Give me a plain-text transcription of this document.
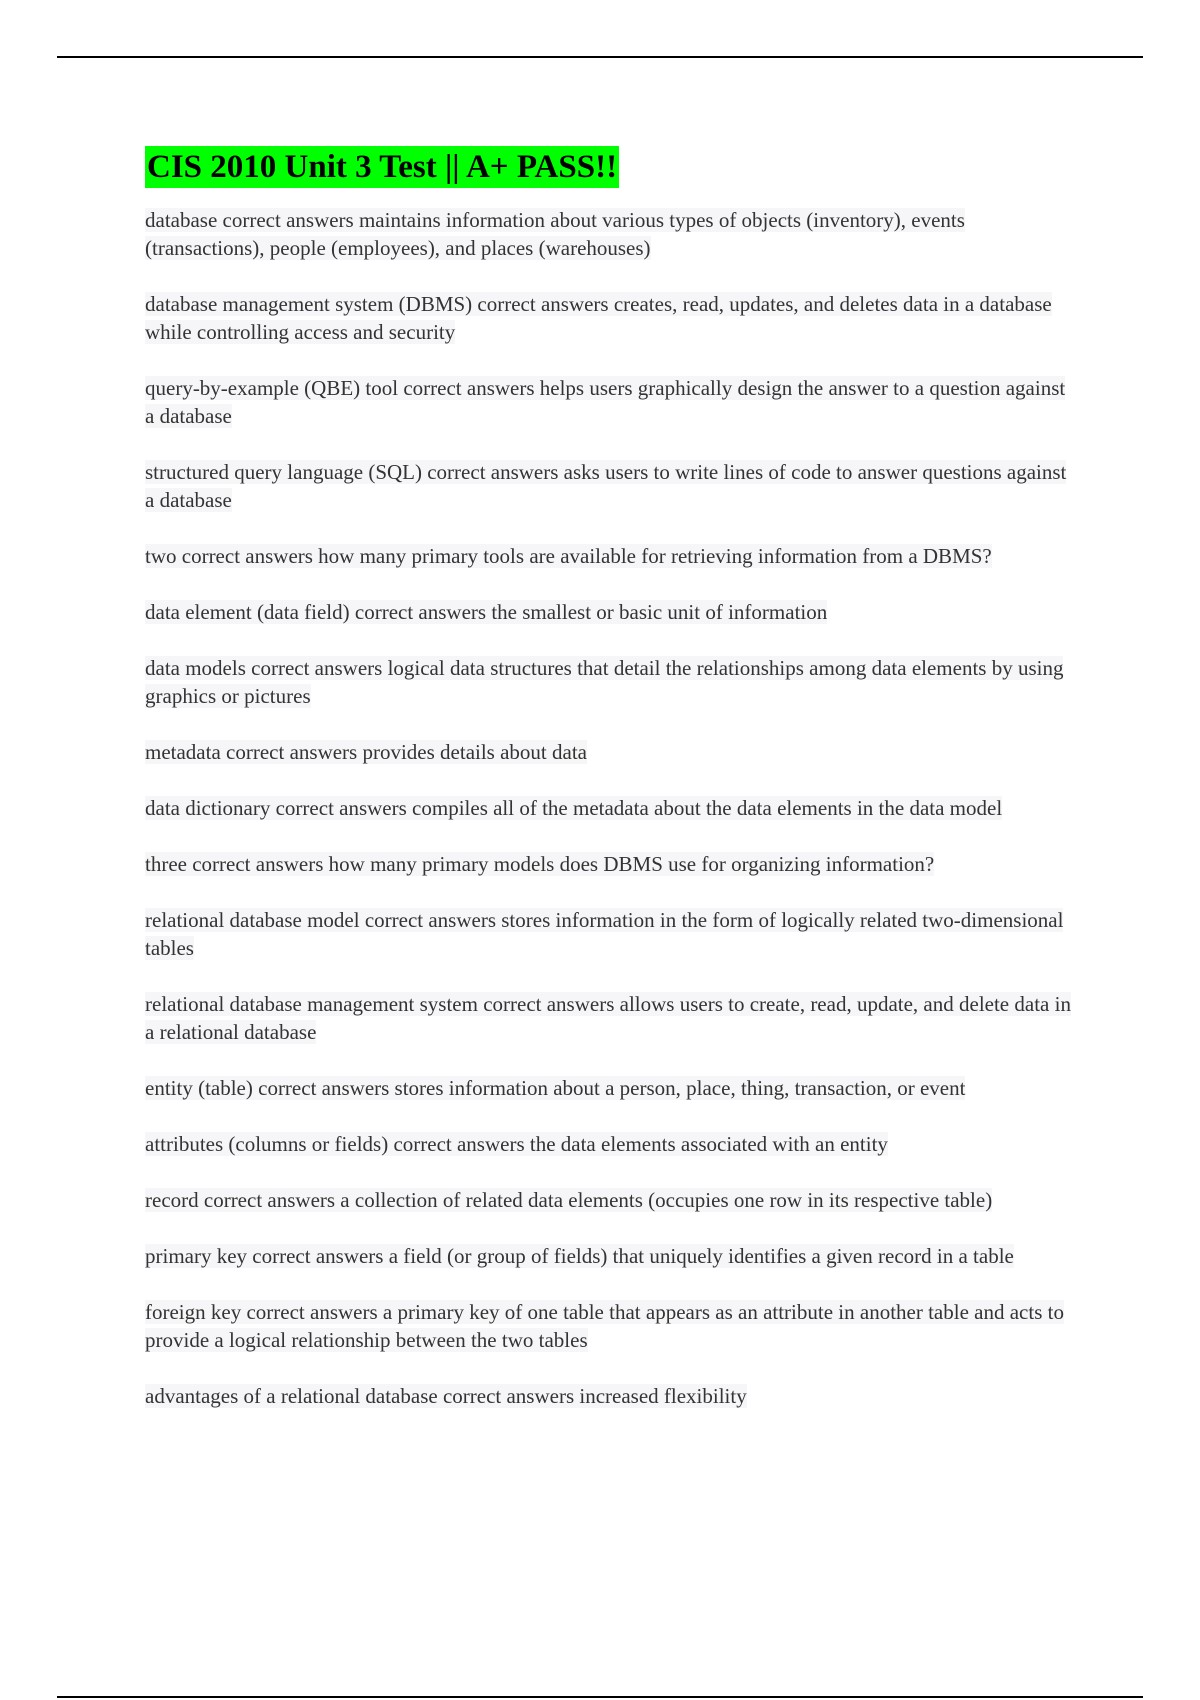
CIS 2010 Unit 3 Test || A+ PASS!!

database correct answers maintains information about various types of objects (inventory), events (transactions), people (employees), and places (warehouses)

database management system (DBMS) correct answers creates, read, updates, and deletes data in a database while controlling access and security

query-by-example (QBE) tool correct answers helps users graphically design the answer to a question against a database

structured query language (SQL) correct answers asks users to write lines of code to answer questions against a database

two correct answers how many primary tools are available for retrieving information from a DBMS?

data element (data field) correct answers the smallest or basic unit of information

data models correct answers logical data structures that detail the relationships among data elements by using graphics or pictures

metadata correct answers provides details about data

data dictionary correct answers compiles all of the metadata about the data elements in the data model

three correct answers how many primary models does DBMS use for organizing information?

relational database model correct answers stores information in the form of logically related two-dimensional tables

relational database management system correct answers allows users to create, read, update, and delete data in a relational database

entity (table) correct answers stores information about a person, place, thing, transaction, or event

attributes (columns or fields) correct answers the data elements associated with an entity

record correct answers a collection of related data elements (occupies one row in its respective table)

primary key correct answers a field (or group of fields) that uniquely identifies a given record in a table

foreign key correct answers a primary key of one table that appears as an attribute in another table and acts to provide a logical relationship between the two tables

advantages of a relational database correct answers increased flexibility
